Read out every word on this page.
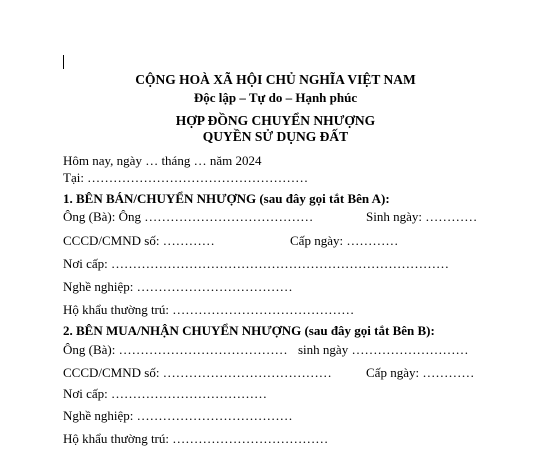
CỘNG HOÀ XÃ HỘI CHỦ NGHĨA VIỆT NAM
Độc lập – Tự do – Hạnh phúc
HỢP ĐỒNG CHUYỂN NHƯỢNG
QUYỀN SỬ DỤNG ĐẤT
Hôm nay, ngày … tháng … năm 2024
Tại: ……………………………………………
1. BÊN BÁN/CHUYỂN NHƯỢNG (sau đây gọi tắt Bên A):
Ông (Bà): Ông …………………………………	Sinh ngày: …………
CCCD/CMND số: …………	Cấp ngày: …………
Nơi cấp: ……………………………………………………………………
Nghề nghiệp: ………………………………
Hộ khẩu thường trú: ……………………………………
2. BÊN MUA/NHẬN CHUYỂN NHƯỢNG (sau đây gọi tắt Bên B):
Ông (Bà): ………………………………… sinh ngày ………………………
CCCD/CMND số: …………………………………	Cấp ngày: …………
Nơi cấp: ………………………………
Nghề nghiệp: ………………………………
Hộ khẩu thường trú: ………………………………
